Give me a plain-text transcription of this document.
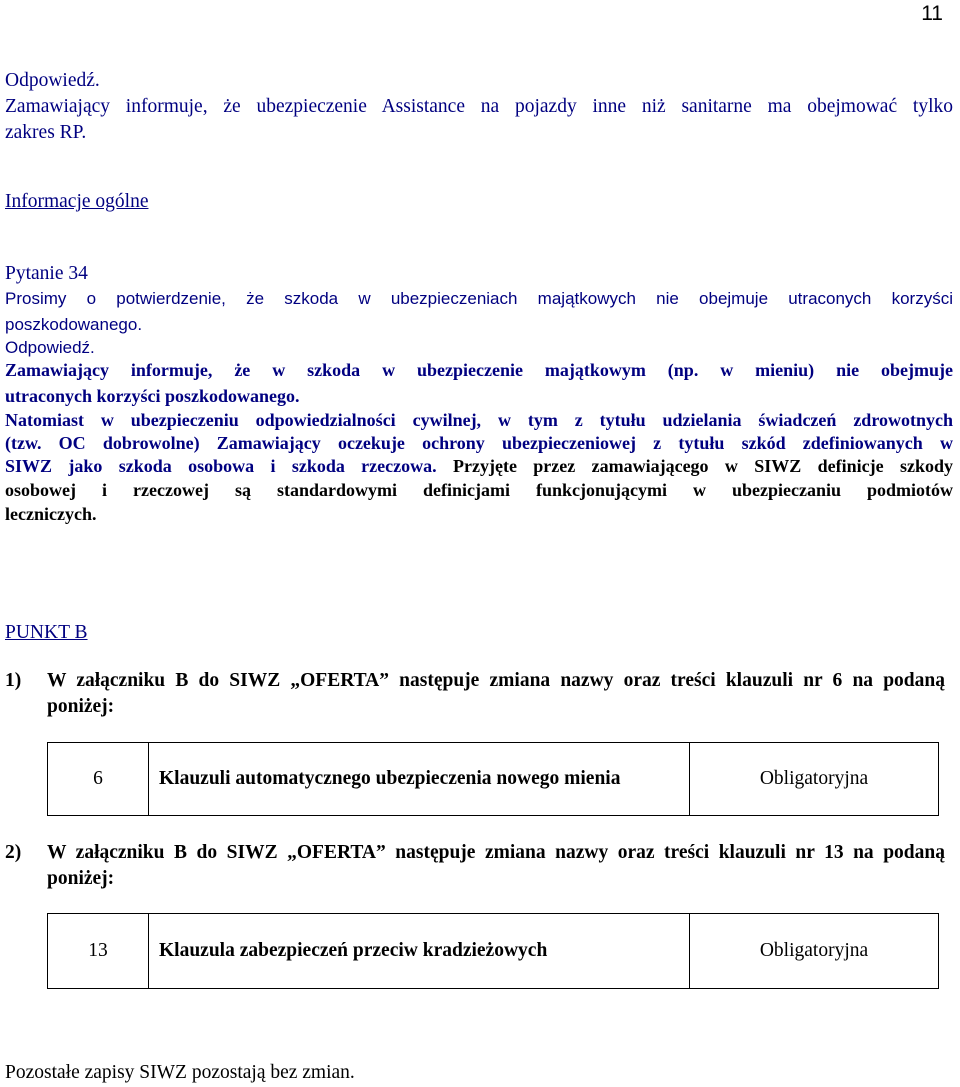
11
Odpowiedź.
Zamawiający informuje, że ubezpieczenie Assistance na pojazdy inne niż sanitarne ma obejmować tylko
zakres RP.
Informacje ogólne
Pytanie 34
Prosimy o potwierdzenie, że szkoda w ubezpieczeniach majątkowych nie obejmuje utraconych korzyści
poszkodowanego.
Odpowiedź.
Zamawiający informuje, że w szkoda w ubezpieczenie majątkowym (np. w mieniu) nie obejmuje
utraconych korzyści poszkodowanego.
Natomiast w ubezpieczeniu odpowiedzialności cywilnej, w tym z tytułu udzielania świadczeń zdrowotnych
(tzw. OC dobrowolne) Zamawiający oczekuje ochrony ubezpieczeniowej z tytułu szkód zdefiniowanych w
SIWZ jako szkoda osobowa i szkoda rzeczowa. Przyjęte przez zamawiającego w SIWZ definicje szkody
osobowej i rzeczowej są standardowymi definicjami funkcjonującymi w ubezpieczaniu podmiotów
leczniczych.
PUNKT B
1) W załączniku B do SIWZ „OFERTA” następuje zmiana nazwy oraz treści klauzuli nr 6 na podaną
poniżej:
6	Klauzuli automatycznego ubezpieczenia nowego mienia	Obligatoryjna
2) W załączniku B do SIWZ „OFERTA” następuje zmiana nazwy oraz treści klauzuli nr 13 na podaną
poniżej:
13	Klauzula zabezpieczeń przeciw kradzieżowych	Obligatoryjna
Pozostałe zapisy SIWZ pozostają bez zmian.
